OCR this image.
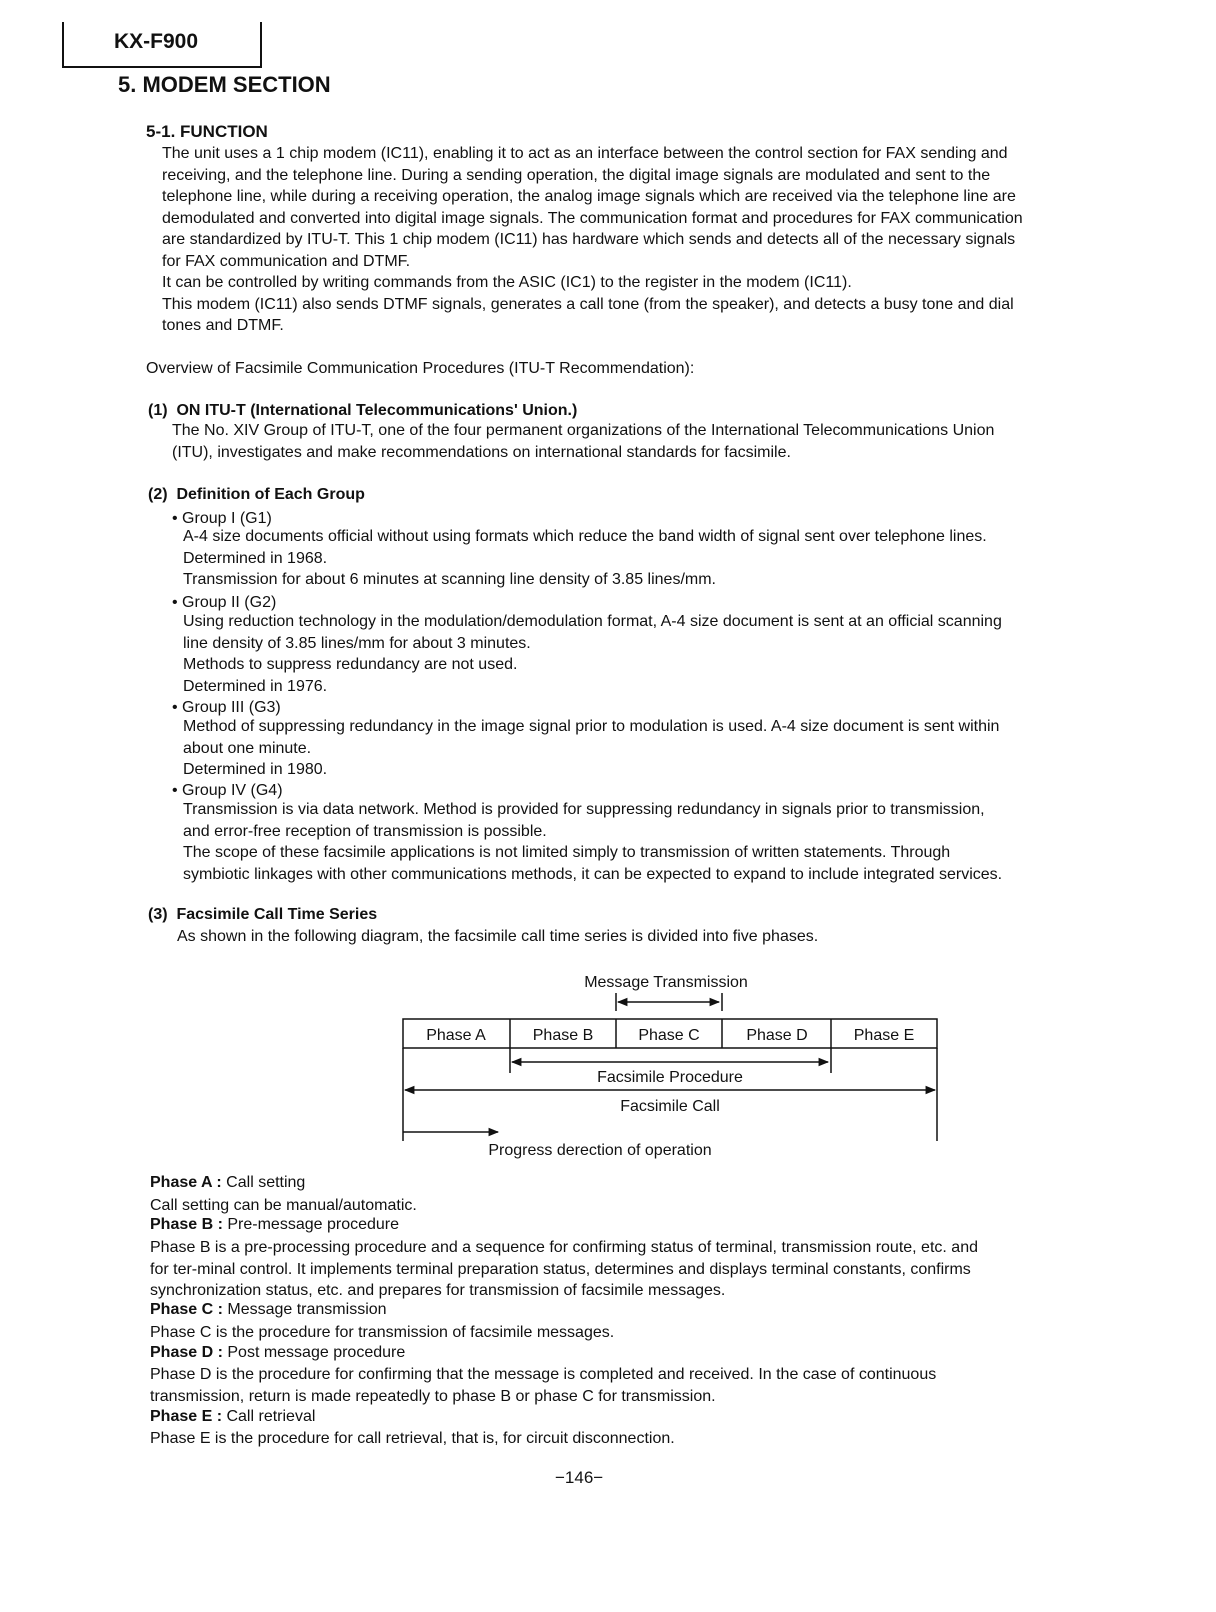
KX-F900
5. MODEM SECTION
5-1. FUNCTION

The unit uses a 1 chip modem (IC11), enabling it to act as an interface between the control section for FAX sending and
receiving, and the telephone line. During a sending operation, the digital image signals are modulated and sent to the
telephone line, while during a receiving operation, the analog image signals which are received via the telephone line are
demodulated and converted into digital image signals. The communication format and procedures for FAX communication
are standardized by ITU-T. This 1 chip modem (IC11) has hardware which sends and detects all of the necessary signals
for FAX communication and DTMF.
It can be controlled by writing commands from the ASIC (IC1) to the register in the modem (IC11).
This modem (IC11) also sends DTMF signals, generates a call tone (from the speaker), and detects a busy tone and dial
tones and DTMF.

Overview of Facsimile Communication Procedures (ITU-T Recommendation):

(1)  ON ITU-T (International Telecommunications' Union.)

The No. XIV Group of ITU-T, one of the four permanent organizations of the International Telecommunications Union
(ITU), investigates and make recommendations on international standards for facsimile.

(2)  Definition of Each Group
• Group I (G1)

A-4 size documents official without using formats which reduce the band width of signal sent over telephone lines.
Determined in 1968.
Transmission for about 6 minutes at scanning line density of 3.85 lines/mm.

• Group II (G2)

Using reduction technology in the modulation/demodulation format, A-4 size document is sent at an official scanning
line density of 3.85 lines/mm for about 3 minutes.
Methods to suppress redundancy are not used.
Determined in 1976.

• Group III (G3)

Method of suppressing redundancy in the image signal prior to modulation is used. A-4 size document is sent within
about one minute.
Determined in 1980.

• Group IV (G4)

Transmission is via data network. Method is provided for suppressing redundancy in signals prior to transmission,
and error-free reception of transmission is possible.
The scope of these facsimile applications is not limited simply to transmission of written statements. Through
symbiotic linkages with other communications methods, it can be expected to expand to include integrated services.

(3)  Facsimile Call Time Series

As shown in the following diagram, the facsimile call time series is divided into five phases.

Message Transmission
Phase A	Phase B	Phase C	Phase D	Phase E
Facsimile Procedure
Facsimile Call
Progress derection of operation
Phase A : Call setting

Call setting can be manual/automatic.

Phase B : Pre-message procedure

Phase B is a pre-processing procedure and a sequence for confirming status of terminal, transmission route, etc. and
for ter-minal control. It implements terminal preparation status, determines and displays terminal constants, confirms
synchronization status, etc. and prepares for transmission of facsimile messages.

Phase C : Message transmission

Phase C is the procedure for transmission of facsimile messages.

Phase D : Post message procedure

Phase D is the procedure for confirming that the message is completed and received. In the case of continuous
transmission, return is made repeatedly to phase B or phase C for transmission.

Phase E : Call retrieval

Phase E is the procedure for call retrieval, that is, for circuit disconnection.

−146−
